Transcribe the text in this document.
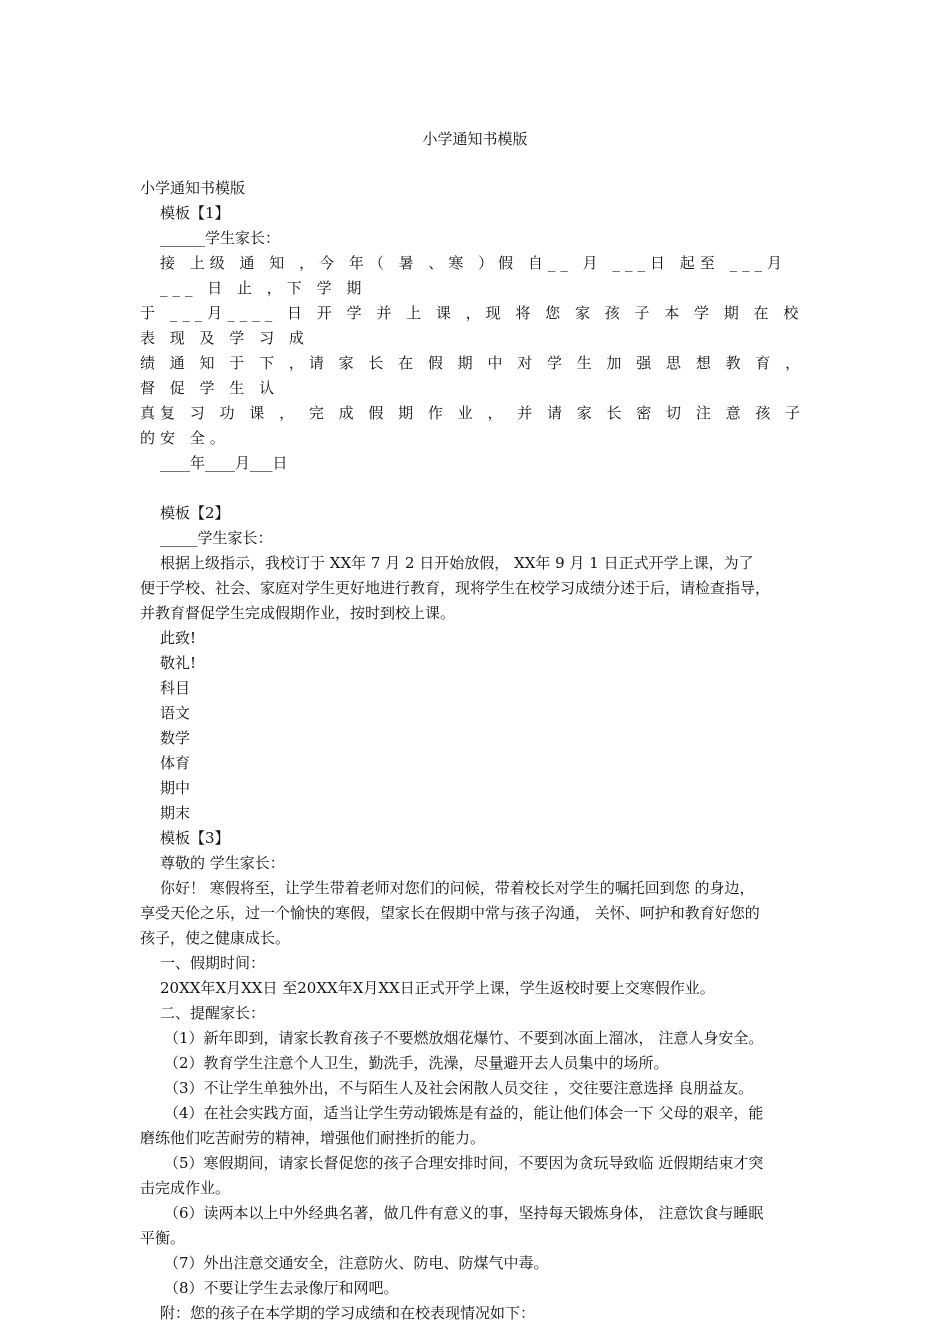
小学通知书模版

小学通知书模版

模板【1】

______学生家长：

接 上级 通 知 ，今 年（ 暑 、寒 ）假 自__ 月 ___日 起至 ___月___ 日 止 ，下 学 期

于 ___月____ 日 开 学 并 上 课 ，现 将 您 家 孩 子 本 学 期 在 校 表 现 及 学 习 成

绩 通 知 于 下 ，请 家 长 在 假 期 中 对 学 生 加 强 思 想 教 育 ， 督 促 学 生 认

真复 习 功 课 ， 完 成 假 期 作 业 ， 并 请 家 长 密 切 注 意 孩 子 的安 全。

____年____月___日

模板【2】

_____学生家长：

根据上级指示，我校订于 XX年 7 月 2 日开始放假， XX年 9 月 1 日正式开学上课，为了

便于学校、社会、家庭对学生更好地进行教育，现将学生在校学习成绩分述于后，请检查指导，

并教育督促学生完成假期作业，按时到校上课。

此致!

敬礼!

科目

语文

数学

体育

期中

期末

模板【3】

尊敬的 学生家长：

你好！ 寒假将至，让学生带着老师对您们的问候，带着校长对学生的嘱托回到您 的身边，

享受天伦之乐，过一个愉快的寒假，望家长在假期中常与孩子沟通， 关怀、呵护和教育好您的

孩子，使之健康成长。

一、假期时间：

20XX年X月XX日 至20XX年X月XX日正式开学上课，学生返校时要上交寒假作业。

二、提醒家长：

（1）新年即到，请家长教育孩子不要燃放烟花爆竹、不要到冰面上溜冰， 注意人身安全。

（2）教育学生注意个人卫生，勤洗手，洗澡，尽量避开去人员集中的场所。

（3）不让学生单独外出，不与陌生人及社会闲散人员交往 ，交往要注意选择 良朋益友。

（4）在社会实践方面，适当让学生劳动锻炼是有益的，能让他们体会一下 父母的艰辛，能

磨练他们吃苦耐劳的精神，增强他们耐挫折的能力。

（5）寒假期间，请家长督促您的孩子合理安排时间，不要因为贪玩导致临 近假期结束才突

击完成作业。

（6）读两本以上中外经典名著，做几件有意义的事，坚持每天锻炼身体， 注意饮食与睡眠

平衡。

（7）外出注意交通安全，注意防火、防电、防煤气中毒。

（8）不要让学生去录像厅和网吧。

附：您的孩子在本学期的学习成绩和在校表现情况如下：
